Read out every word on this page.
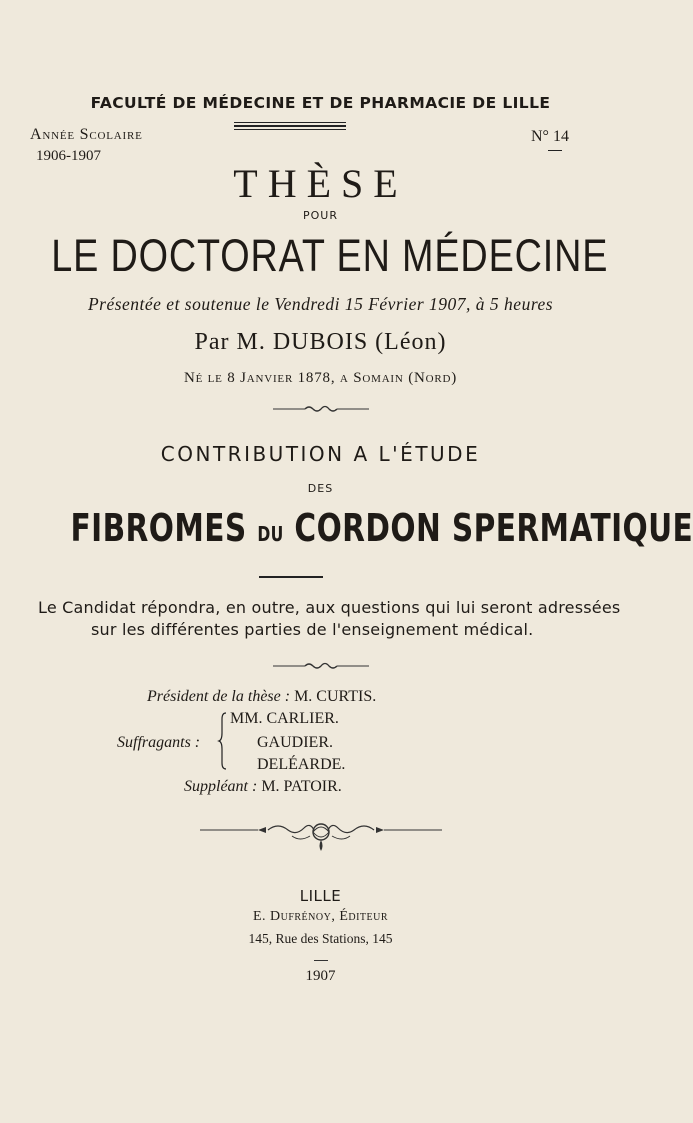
FACULTÉ DE MÉDECINE ET DE PHARMACIE DE LILLE
Année Scolaire
1906-1907
N° 14
THÈSE
POUR
LE DOCTORAT EN MÉDECINE
Présentée et soutenue le Vendredi 15 Février 1907, à 5 heures
Par M. DUBOIS (Léon)
Né le 8 Janvier 1878, a Somain (Nord)
CONTRIBUTION A L'ÉTUDE
DES
FIBROMES DU CORDON SPERMATIQUE
Le Candidat répondra, en outre, aux questions qui lui seront adressées
sur les différentes parties de l'enseignement médical.
Président de la thèse : M. CURTIS.
MM. CARLIER.
Suffragants :	GAUDIER.
DELÉARDE.
Suppléant : M. PATOIR.
LILLE
E. Dufrénoy, Éditeur
145, Rue des Stations, 145
1907
